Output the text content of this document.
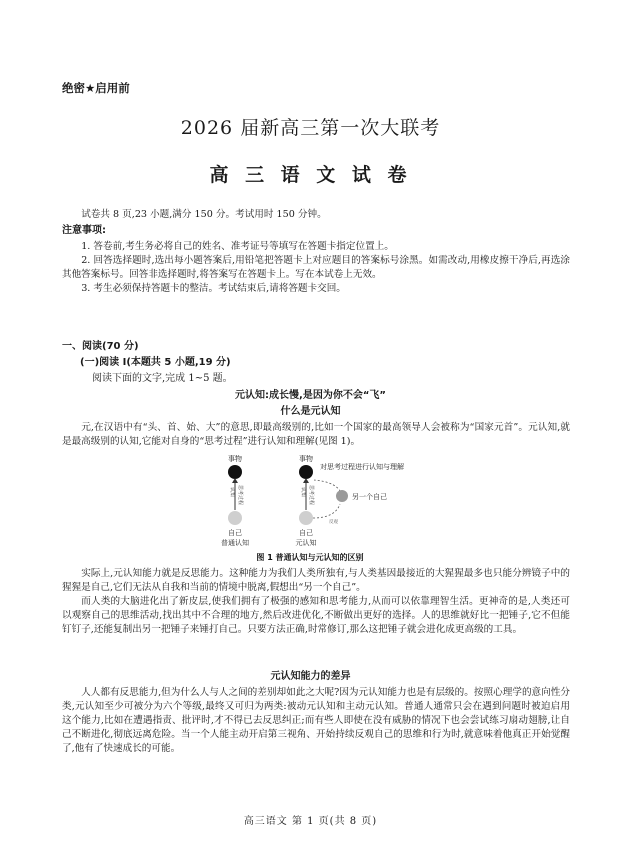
绝密★启用前
2026 届新高三第一次大联考
高 三 语 文 试 卷

试卷共 8 页,23 小题,满分 150 分。考试用时 150 分钟。

注意事项:

1. 答卷前,考生务必将自己的姓名、准考证号等填写在答题卡指定位置上。

2. 回答选择题时,选出每小题答案后,用铅笔把答题卡上对应题目的答案标号涂黑。如需改动,用橡皮擦干净后,再选涂其他答案标号。回答非选择题时,将答案写在答题卡上。写在本试卷上无效。

3. 考生必须保持答题卡的整洁。考试结束后,请将答题卡交回。

一、阅读(70 分)
(一)阅读 I(本题共 5 小题,19 分)
阅读下面的文字,完成 1~5 题。
元认知:成长慢,是因为你不会“飞”
什么是元认知

元,在汉语中有“头、首、始、大”的意思,即最高级别的,比如一个国家的最高领导人会被称为“国家元首”。元认知,就是最高级别的认知,它能对自身的“思考过程”进行认知和理解(见图 1)。

事物
认知 思考过程
自己
普通认知
事物
认知 思考过程
自己
元认知
对思考过程进行认知与理解
另一个自己
反观
图 1 普通认知与元认知的区别

实际上,元认知能力就是反思能力。这种能力为我们人类所独有,与人类基因最接近的大猩猩最多也只能分辨镜子中的猩猩是自己,它们无法从自我和当前的情境中脱离,假想出“另一个自己”。

而人类的大脑进化出了新皮层,使我们拥有了极强的感知和思考能力,从而可以依靠理智生活。更神奇的是,人类还可以观察自己的思维活动,找出其中不合理的地方,然后改进优化,不断做出更好的选择。人的思维就好比一把锤子,它不但能钉钉子,还能复制出另一把锤子来锤打自己。只要方法正确,时常修订,那么这把锤子就会进化成更高级的工具。

元认知能力的差异

人人都有反思能力,但为什么人与人之间的差别却如此之大呢?因为元认知能力也是有层级的。按照心理学的意向性分类,元认知至少可被分为六个等级,最终又可归为两类:被动元认知和主动元认知。普通人通常只会在遇到问题时被迫启用这个能力,比如在遭遇指责、批评时,才不得已去反思纠正;而有些人即使在没有威胁的情况下也会尝试练习扇动翅膀,让自己不断进化,彻底远离危险。当一个人能主动开启第三视角、开始持续反观自己的思维和行为时,就意味着他真正开始觉醒了,他有了快速成长的可能。

高三语文 第 1 页(共 8 页)
